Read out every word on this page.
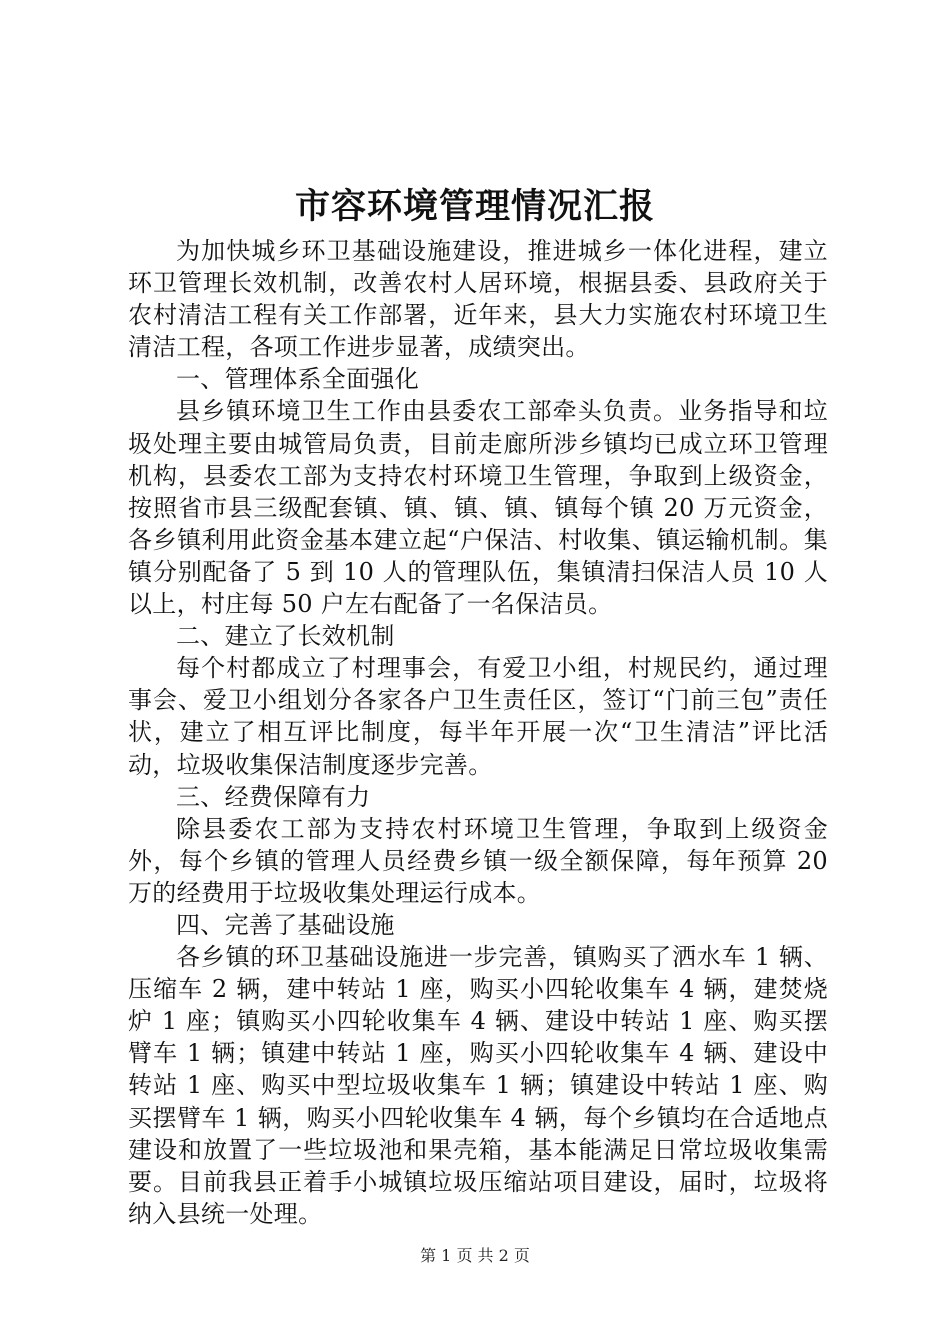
市容环境管理情况汇报

为加快城乡环卫基础设施建设，推进城乡一体化进程，建立环卫管理长效机制，改善农村人居环境，根据县委、县政府关于农村清洁工程有关工作部署，近年来，县大力实施农村环境卫生清洁工程，各项工作进步显著，成绩突出。

一、管理体系全面强化

县乡镇环境卫生工作由县委农工部牵头负责。业务指导和垃圾处理主要由城管局负责，目前走廊所涉乡镇均已成立环卫管理机构，县委农工部为支持农村环境卫生管理，争取到上级资金，按照省市县三级配套镇、镇、镇、镇、镇每个镇 20 万元资金，各乡镇利用此资金基本建立起“户保洁、村收集、镇运输机制。集镇分别配备了 5 到 10 人的管理队伍，集镇清扫保洁人员 10 人以上，村庄每 50 户左右配备了一名保洁员。

二、建立了长效机制

每个村都成立了村理事会，有爱卫小组，村规民约，通过理事会、爱卫小组划分各家各户卫生责任区，签订“门前三包”责任状，建立了相互评比制度，每半年开展一次“卫生清洁”评比活动，垃圾收集保洁制度逐步完善。

三、经费保障有力

除县委农工部为支持农村环境卫生管理，争取到上级资金外，每个乡镇的管理人员经费乡镇一级全额保障，每年预算 20 万的经费用于垃圾收集处理运行成本。

四、完善了基础设施

各乡镇的环卫基础设施进一步完善，镇购买了洒水车 1 辆、压缩车 2 辆，建中转站 1 座，购买小四轮收集车 4 辆，建焚烧炉 1 座；镇购买小四轮收集车 4 辆、建设中转站 1 座、购买摆臂车 1 辆；镇建中转站 1 座，购买小四轮收集车 4 辆、建设中转站 1 座、购买中型垃圾收集车 1 辆；镇建设中转站 1 座、购买摆臂车 1 辆，购买小四轮收集车 4 辆，每个乡镇均在合适地点建设和放置了一些垃圾池和果壳箱，基本能满足日常垃圾收集需要。目前我县正着手小城镇垃圾压缩站项目建设，届时，垃圾将纳入县统一处理。

第 1 页 共 2 页
